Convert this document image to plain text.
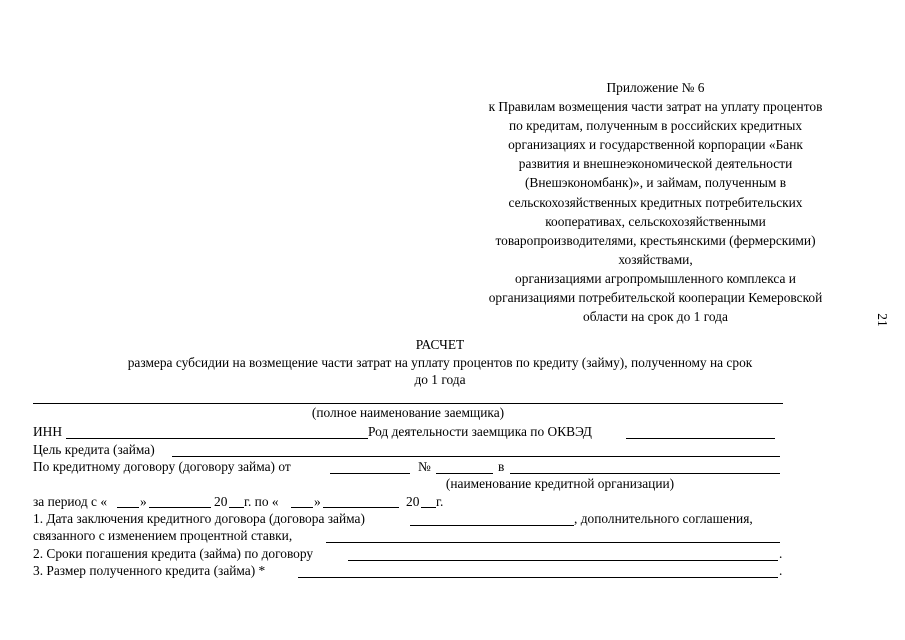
Приложение № 6
к Правилам возмещения части затрат на уплату процентов
по кредитам, полученным в российских кредитных
организациях и государственной корпорации «Банк
развития и внешнеэкономической деятельности
(Внешэкономбанк)», и займам, полученным в
сельскохозяйственных кредитных потребительских
кооперативах, сельскохозяйственными
товаропроизводителями, крестьянскими (фермерскими)
хозяйствами,
организациями агропромышленного комплекса и
организациями потребительской кооперации Кемеровской
области на срок до 1 года	21
РАСЧЕТ
размера субсидии на возмещение части затрат на уплату процентов по кредиту (займу), полученному на срок
до 1 года
(полное наименование заемщика)
ИНН	Род деятельности заемщика по ОКВЭД
Цель кредита (займа)
По кредитному договору (договору займа) от	№	в
(наименование кредитной организации)
за период с « »	20 г. по «	»	20 г.
1. Дата заключения кредитного договора (договора займа)	, дополнительного соглашения,
связанного с изменением процентной ставки,
2. Сроки погашения кредита (займа) по договору	.
3. Размер полученного кредита (займа) *	.
